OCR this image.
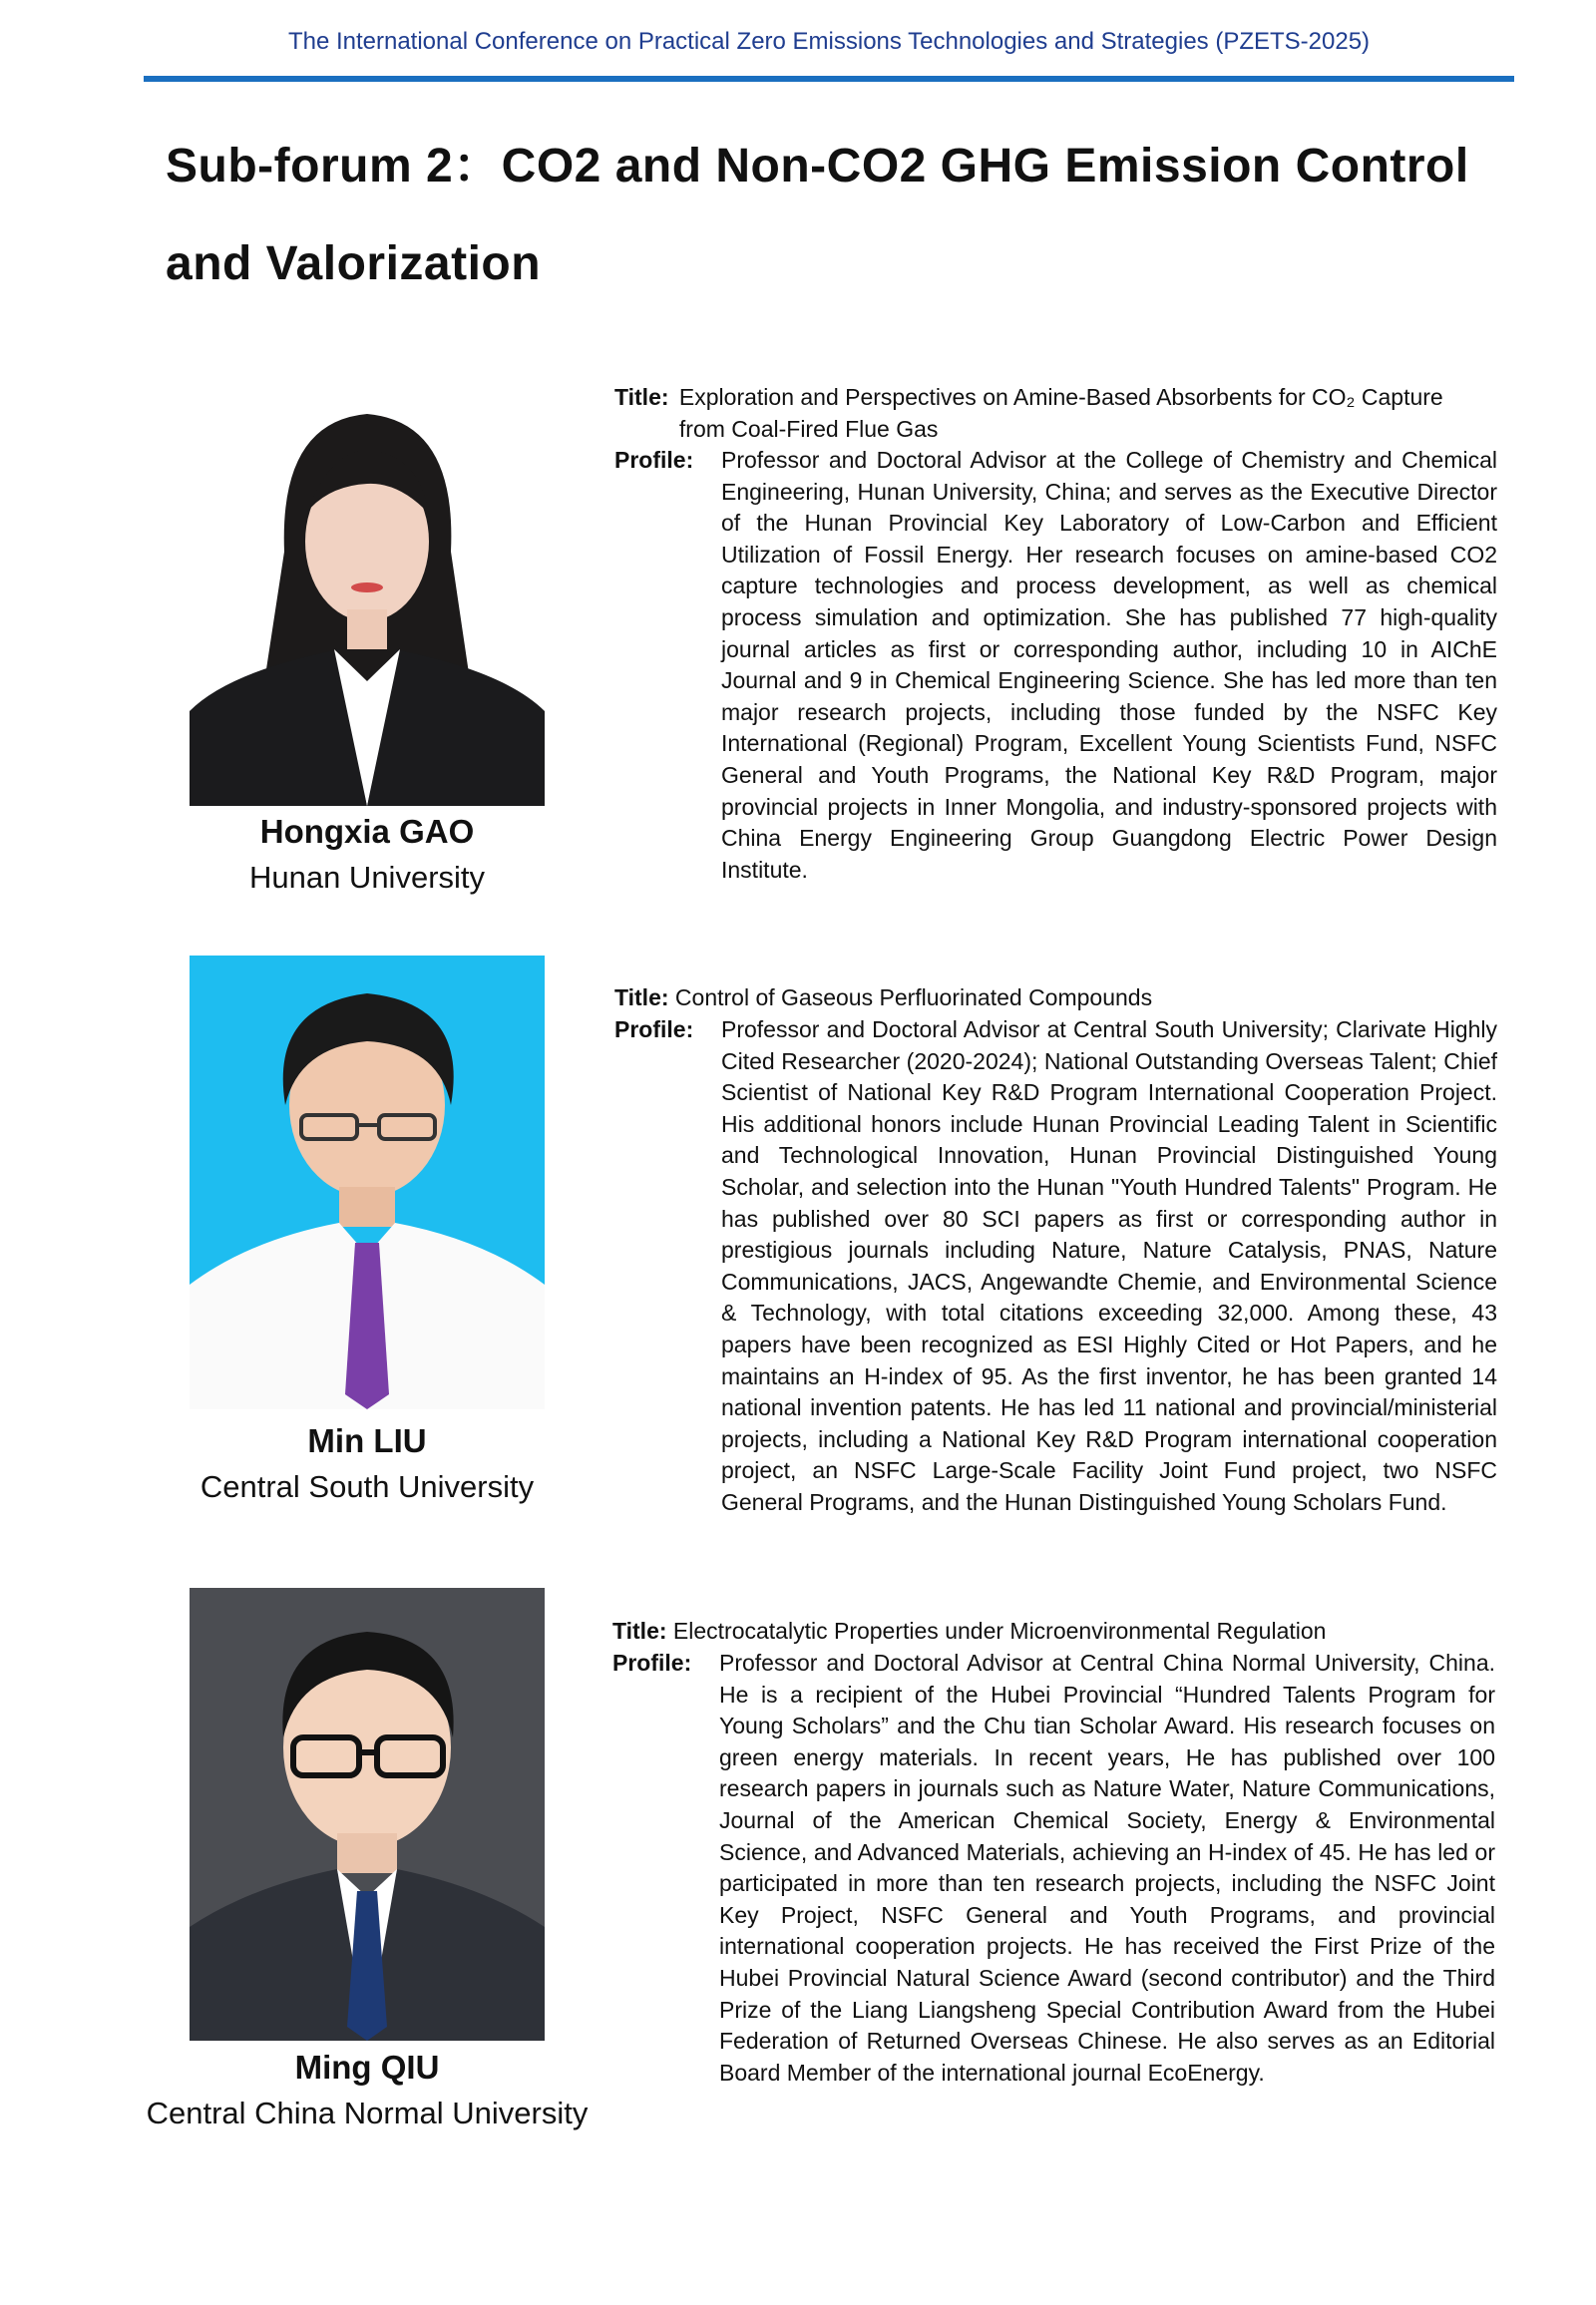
The International Conference on Practical Zero Emissions Technologies and Strategies (PZETS-2025)
Sub-forum 2：CO2 and Non-CO2 GHG Emission Control and Valorization
Hongxia GAO
Hunan University
Title: Exploration and Perspectives on Amine-Based Absorbents for CO₂ Capture from Coal-Fired Flue Gas
Profile:	Professor and Doctoral Advisor at the College of Chemistry and Chemical Engineering, Hunan University, China; and serves as the Executive Director of the Hunan Provincial Key Laboratory of Low-Carbon and Efficient Utilization of Fossil Energy. Her research focuses on amine-based CO2 capture technologies and process development, as well as chemical process simulation and optimization. She has published 77 high-quality journal articles as first or corresponding author, including 10 in AIChE Journal and 9 in Chemical Engineering Science. She has led more than ten major research projects, including those funded by the NSFC Key International (Regional) Program, Excellent Young Scientists Fund, NSFC General and Youth Programs, the National Key R&D Program, major provincial projects in Inner Mongolia, and industry-sponsored projects with China Energy Engineering Group Guangdong Electric Power Design Institute.
Min LIU
Central South University
Title: Control of Gaseous Perfluorinated Compounds
Profile:	Professor and Doctoral Advisor at Central South University; Clarivate Highly Cited Researcher (2020-2024); National Outstanding Overseas Talent; Chief Scientist of National Key R&D Program International Cooperation Project. His additional honors include Hunan Provincial Leading Talent in Scientific and Technological Innovation, Hunan Provincial Distinguished Young Scholar, and selection into the Hunan "Youth Hundred Talents" Program. He has published over 80 SCI papers as first or corresponding author in prestigious journals including Nature, Nature Catalysis, PNAS, Nature Communications, JACS, Angewandte Chemie, and Environmental Science & Technology, with total citations exceeding 32,000. Among these, 43 papers have been recognized as ESI Highly Cited or Hot Papers, and he maintains an H-index of 95. As the first inventor, he has been granted 14 national invention patents. He has led 11 national and provincial/ministerial projects, including a National Key R&D Program international cooperation project, an NSFC Large-Scale Facility Joint Fund project, two NSFC General Programs, and the Hunan Distinguished Young Scholars Fund.
Ming QIU
Central China Normal University
Title: Electrocatalytic Properties under Microenvironmental Regulation
Profile:	Professor and Doctoral Advisor at Central China Normal University, China. He is a recipient of the Hubei Provincial “Hundred Talents Program for Young Scholars” and the Chu tian Scholar Award. His research focuses on green energy materials. In recent years, He has published over 100 research papers in journals such as Nature Water, Nature Communications, Journal of the American Chemical Society, Energy & Environmental Science, and Advanced Materials, achieving an H-index of 45. He has led or participated in more than ten research projects, including the NSFC Joint Key Project, NSFC General and Youth Programs, and provincial international cooperation projects. He has received the First Prize of the Hubei Provincial Natural Science Award (second contributor) and the Third Prize of the Liang Liangsheng Special Contribution Award from the Hubei Federation of Returned Overseas Chinese. He also serves as an Editorial Board Member of the international journal EcoEnergy.
